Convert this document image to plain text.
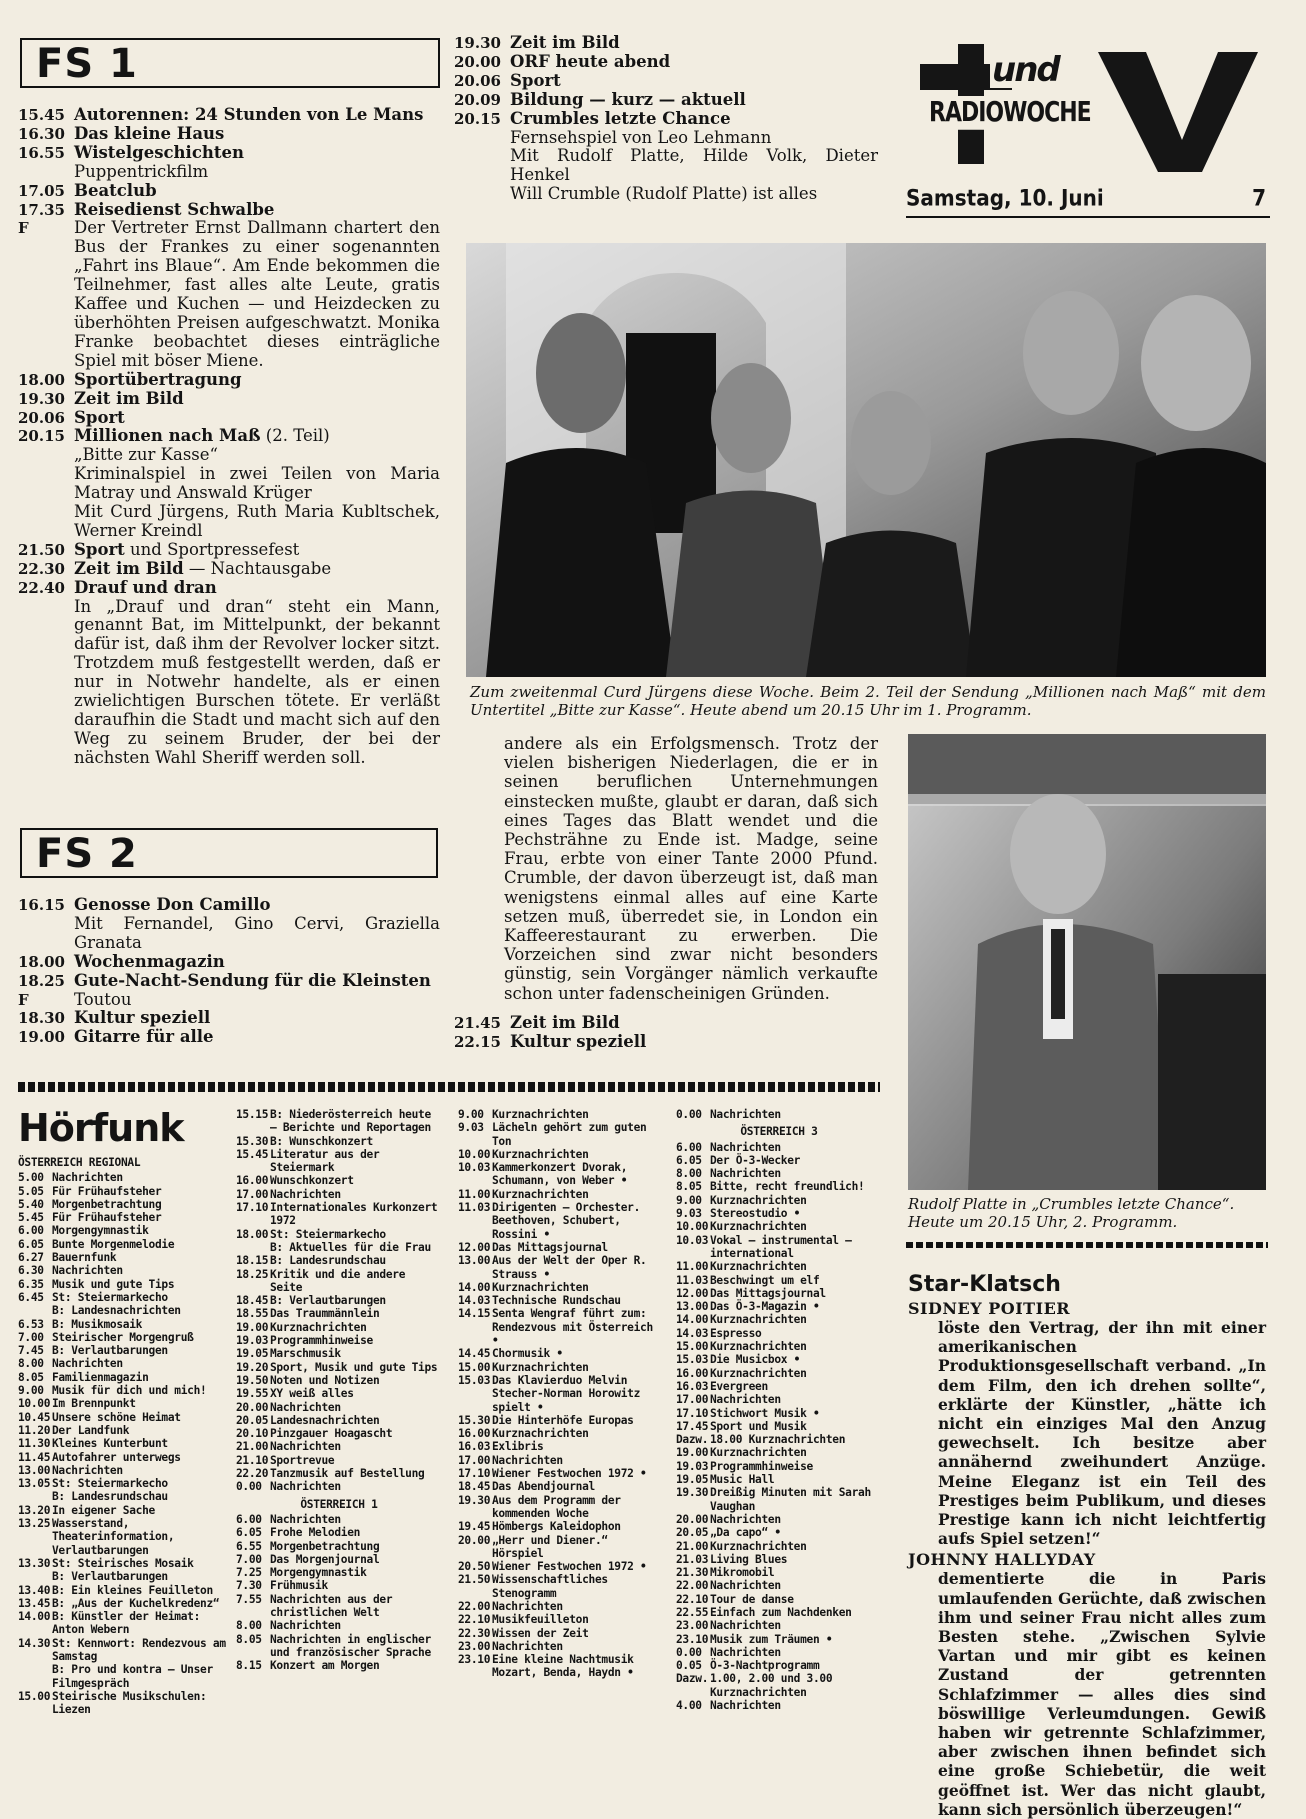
FS 1
15.45 Autorennen: 24 Stunden von Le Mans
16.30 Das kleine Haus
16.55 Wistelgeschichten
Puppentrickfilm
17.05 Beatclub
17.35 Reisedienst Schwalbe
F	Der Vertreter Ernst Dallmann chartert den Bus der Frankes zu einer sogenannten „Fahrt ins Blaue“. Am Ende bekommen die Teilnehmer, fast alles alte Leute, gratis Kaffee und Kuchen — und Heizdecken zu überhöhten Preisen aufgeschwatzt. Monika Franke beobachtet dieses einträgliche Spiel mit böser Miene.
18.00 Sportübertragung
19.30 Zeit im Bild
20.06 Sport
20.15 Millionen nach Maß (2. Teil)
„Bitte zur Kasse“
Kriminalspiel in zwei Teilen von Maria Matray und Answald Krüger
Mit Curd Jürgens, Ruth Maria Kubltschek, Werner Kreindl
21.50 Sport und Sportpressefest
22.30 Zeit im Bild — Nachtausgabe
22.40 Drauf und dran
In „Drauf und dran“ steht ein Mann, genannt Bat, im Mittelpunkt, der bekannt dafür ist, daß ihm der Revolver locker sitzt. Trotzdem muß festgestellt werden, daß er nur in Notwehr handelte, als er einen zwielichtigen Burschen tötete. Er verläßt daraufhin die Stadt und macht sich auf den Weg zu seinem Bruder, der bei der nächsten Wahl Sheriff werden soll.
FS 2
16.15 Genosse Don Camillo
Mit Fernandel, Gino Cervi, Graziella Granata
18.00 Wochenmagazin
18.25 Gute-Nacht-Sendung für die Kleinsten
F	Toutou
18.30 Kultur speziell
19.00 Gitarre für alle
19.30 Zeit im Bild
20.00 ORF heute abend
20.06 Sport
20.09 Bildung — kurz — aktuell
20.15 Crumbles letzte Chance
Fernsehspiel von Leo Lehmann
Mit Rudolf Platte, Hilde Volk, Dieter Henkel
Will Crumble (Rudolf Platte) ist alles
und
RADIOWOCHE
Samstag, 10. Juni	7
Zum zweitenmal Curd Jürgens diese Woche. Beim 2. Teil der Sendung „Millionen nach Maß“ mit dem Untertitel „Bitte zur Kasse“. Heute abend um 20.15 Uhr im 1. Programm.
andere als ein Erfolgsmensch. Trotz der vielen bisherigen Niederlagen, die er in seinen beruflichen Unternehmungen einstecken mußte, glaubt er daran, daß sich eines Tages das Blatt wendet und die Pechsträhne zu Ende ist. Madge, seine Frau, erbte von einer Tante 2000 Pfund. Crumble, der davon überzeugt ist, daß man wenigstens einmal alles auf eine Karte setzen muß, überredet sie, in London ein Kaffeerestaurant zu erwerben. Die Vorzeichen sind zwar nicht besonders günstig, sein Vorgänger nämlich verkaufte schon unter fadenscheinigen Gründen.
21.45 Zeit im Bild
22.15 Kultur speziell
Rudolf Platte in „Crumbles letzte Chance“. Heute um 20.15 Uhr, 2. Programm.
Star-Klatsch
SIDNEY POITIER
löste den Vertrag, der ihn mit einer amerikanischen Produktionsgesellschaft verband. „In dem Film, den ich drehen sollte“, erklärte der Künstler, „hätte ich nicht ein einziges Mal den Anzug gewechselt. Ich besitze aber annähernd zweihundert Anzüge. Meine Eleganz ist ein Teil des Prestiges beim Publikum, und dieses Prestige kann ich nicht leichtfertig aufs Spiel setzen!“
JOHNNY HALLYDAY
dementierte die in Paris umlaufenden Gerüchte, daß zwischen ihm und seiner Frau nicht alles zum Besten stehe. „Zwischen Sylvie Vartan und mir gibt es keinen Zustand der getrennten Schlafzimmer — alles dies sind böswillige Verleumdungen. Gewiß haben wir getrennte Schlafzimmer, aber zwischen ihnen befindet sich eine große Schiebetür, die weit geöffnet ist. Wer das nicht glaubt, kann sich persönlich überzeugen!“
Hörfunk
ÖSTERREICH REGIONAL
5.00 Nachrichten
5.05 Für Frühaufsteher
5.40 Morgenbetrachtung
5.45 Für Frühaufsteher
6.00 Morgengymnastik
6.05 Bunte Morgenmelodie
6.27 Bauernfunk
6.30 Nachrichten
6.35 Musik und gute Tips
6.45 St: Steiermarkecho
B: Landesnachrichten
6.53 B: Musikmosaik
7.00 Steirischer Morgengruß
7.45 B: Verlautbarungen
8.00 Nachrichten
8.05 Familienmagazin
9.00 Musik für dich und mich!
10.00 Im Brennpunkt
10.45 Unsere schöne Heimat
11.20 Der Landfunk
11.30 Kleines Kunterbunt
11.45 Autofahrer unterwegs
13.00 Nachrichten
13.05 St: Steiermarkecho
B: Landesrundschau
13.20 In eigener Sache
13.25 Wasserstand, Theaterinformation, Verlautbarungen
13.30 St: Steirisches Mosaik
B: Verlautbarungen
13.40 B: Ein kleines Feuilleton
13.45 B: „Aus der Kuchelkredenz“
14.00 B: Künstler der Heimat: Anton Webern
14.30 St: Kennwort: Rendezvous am Samstag
B: Pro und kontra — Unser Filmgespräch
15.00 Steirische Musikschulen: Liezen
15.15 B: Niederösterreich heute — Berichte und Reportagen
15.30 B: Wunschkonzert
15.45 Literatur aus der Steiermark
16.00 Wunschkonzert
17.00 Nachrichten
17.10 Internationales Kurkonzert 1972
18.00 St: Steiermarkecho
B: Aktuelles für die Frau
18.15 B: Landesrundschau
18.25 Kritik und die andere Seite
18.45 B: Verlautbarungen
18.55 Das Traummännlein
19.00 Kurznachrichten
19.03 Programmhinweise
19.05 Marschmusik
19.20 Sport, Musik und gute Tips
19.50 Noten und Notizen
19.55 XY weiß alles
20.00 Nachrichten
20.05 Landesnachrichten
20.10 Pinzgauer Hoagascht
21.00 Nachrichten
21.10 Sportrevue
22.20 Tanzmusik auf Bestellung
0.00 Nachrichten
ÖSTERREICH 1
6.00 Nachrichten
6.05 Frohe Melodien
6.55 Morgenbetrachtung
7.00 Das Morgenjournal
7.25 Morgengymnastik
7.30 Frühmusik
7.55 Nachrichten aus der christlichen Welt
8.00 Nachrichten
8.05 Nachrichten in englischer und französischer Sprache
8.15 Konzert am Morgen
9.00 Kurznachrichten
9.03 Lächeln gehört zum guten Ton
10.00 Kurznachrichten
10.03 Kammerkonzert Dvorak, Schumann, von Weber •
11.00 Kurznachrichten
11.03 Dirigenten — Orchester. Beethoven, Schubert, Rossini •
12.00 Das Mittagsjournal
13.00 Aus der Welt der Oper R. Strauss •
14.00 Kurznachrichten
14.03 Technische Rundschau
14.15 Senta Wengraf führt zum: Rendezvous mit Österreich •
14.45 Chormusik •
15.00 Kurznachrichten
15.03 Das Klavierduo Melvin Stecher-Norman Horowitz spielt •
15.30 Die Hinterhöfe Europas
16.00 Kurznachrichten
16.03 Exlibris
17.00 Nachrichten
17.10 Wiener Festwochen 1972 •
18.45 Das Abendjournal
19.30 Aus dem Programm der kommenden Woche
19.45 Hömbergs Kaleidophon
20.00 „Herr und Diener.“ Hörspiel
20.50 Wiener Festwochen 1972 •
21.50 Wissenschaftliches Stenogramm
22.00 Nachrichten
22.10 Musikfeuilleton
22.30 Wissen der Zeit
23.00 Nachrichten
23.10 Eine kleine Nachtmusik Mozart, Benda, Haydn •
0.00 Nachrichten
ÖSTERREICH 3
6.00 Nachrichten
6.05 Der Ö-3-Wecker
8.00 Nachrichten
8.05 Bitte, recht freundlich!
9.00 Kurznachrichten
9.03 Stereostudio •
10.00 Kurznachrichten
10.03 Vokal — instrumental — international
11.00 Kurznachrichten
11.03 Beschwingt um elf
12.00 Das Mittagsjournal
13.00 Das Ö-3-Magazin •
14.00 Kurznachrichten
14.03 Espresso
15.00 Kurznachrichten
15.03 Die Musicbox •
16.00 Kurznachrichten
16.03 Evergreen
17.00 Nachrichten
17.10 Stichwort Musik •
17.45 Sport und Musik
Dazw. 18.00 Kurznachrichten
19.00 Kurznachrichten
19.03 Programmhinweise
19.05 Music Hall
19.30 Dreißig Minuten mit Sarah Vaughan
20.00 Nachrichten
20.05 „Da capo“ •
21.00 Kurznachrichten
21.03 Living Blues
21.30 Mikromobil
22.00 Nachrichten
22.10 Tour de danse
22.55 Einfach zum Nachdenken
23.00 Nachrichten
23.10 Musik zum Träumen •
0.00 Nachrichten
0.05 Ö-3-Nachtprogramm
Dazw. 1.00, 2.00 und 3.00 Kurznachrichten
4.00 Nachrichten
